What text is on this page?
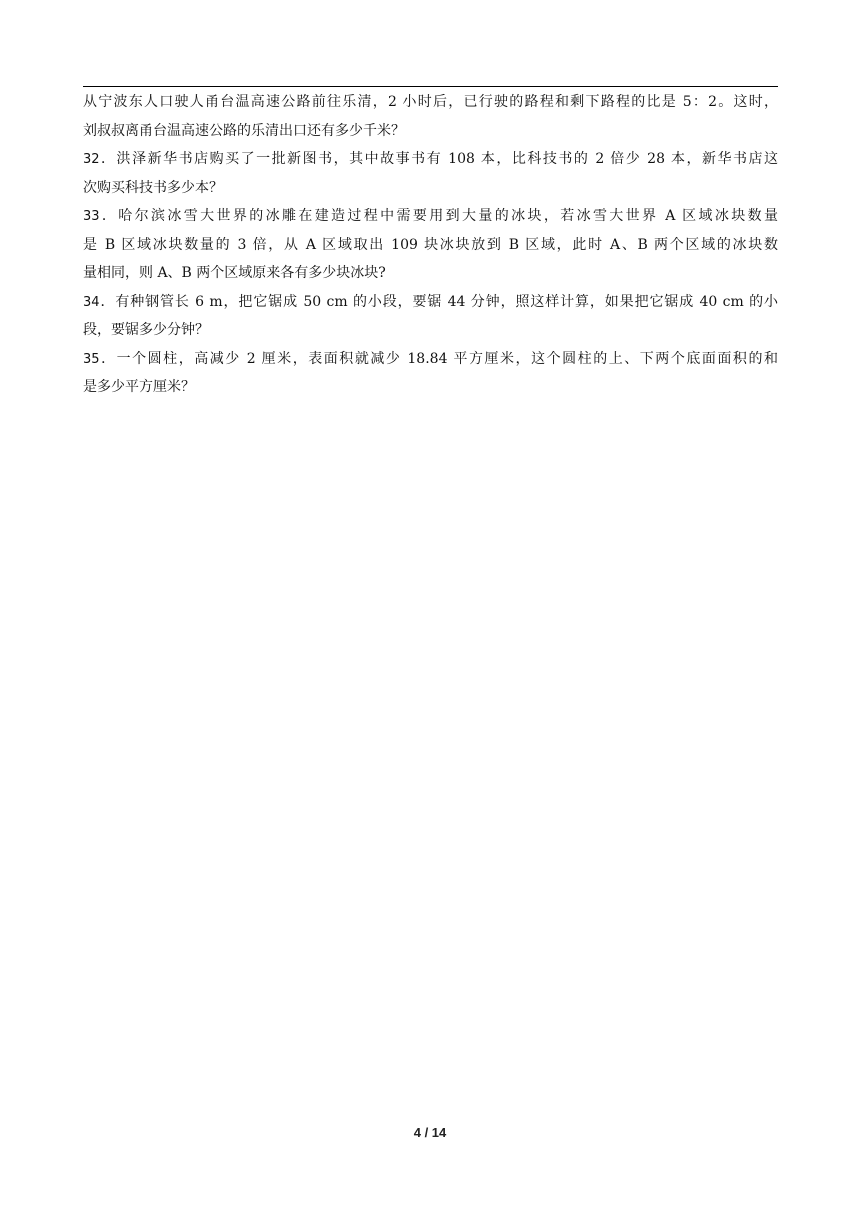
从宁波东人口驶人甬台温高速公路前往乐清，2 小时后，已行驶的路程和剩下路程的比是 5：2。这时，
刘叔叔离甬台温高速公路的乐清出口还有多少千米？
32．洪泽新华书店购买了一批新图书，其中故事书有 108 本，比科技书的 2 倍少 28 本，新华书店这
次购买科技书多少本？
33．哈尔滨冰雪大世界的冰雕在建造过程中需要用到大量的冰块，若冰雪大世界 A 区域冰块数量
是 B 区域冰块数量的 3 倍，从 A 区域取出 109 块冰块放到 B 区域，此时 A、B 两个区域的冰块数
量相同，则 A、B 两个区域原来各有多少块冰块?
34．有种钢管长 6 m，把它锯成 50 cm 的小段，要锯 44 分钟，照这样计算，如果把它锯成 40 cm 的小
段，要锯多少分钟？
35．一个圆柱，高减少 2 厘米，表面积就减少 18.84 平方厘米，这个圆柱的上、下两个底面面积的和
是多少平方厘米？
4 / 14
